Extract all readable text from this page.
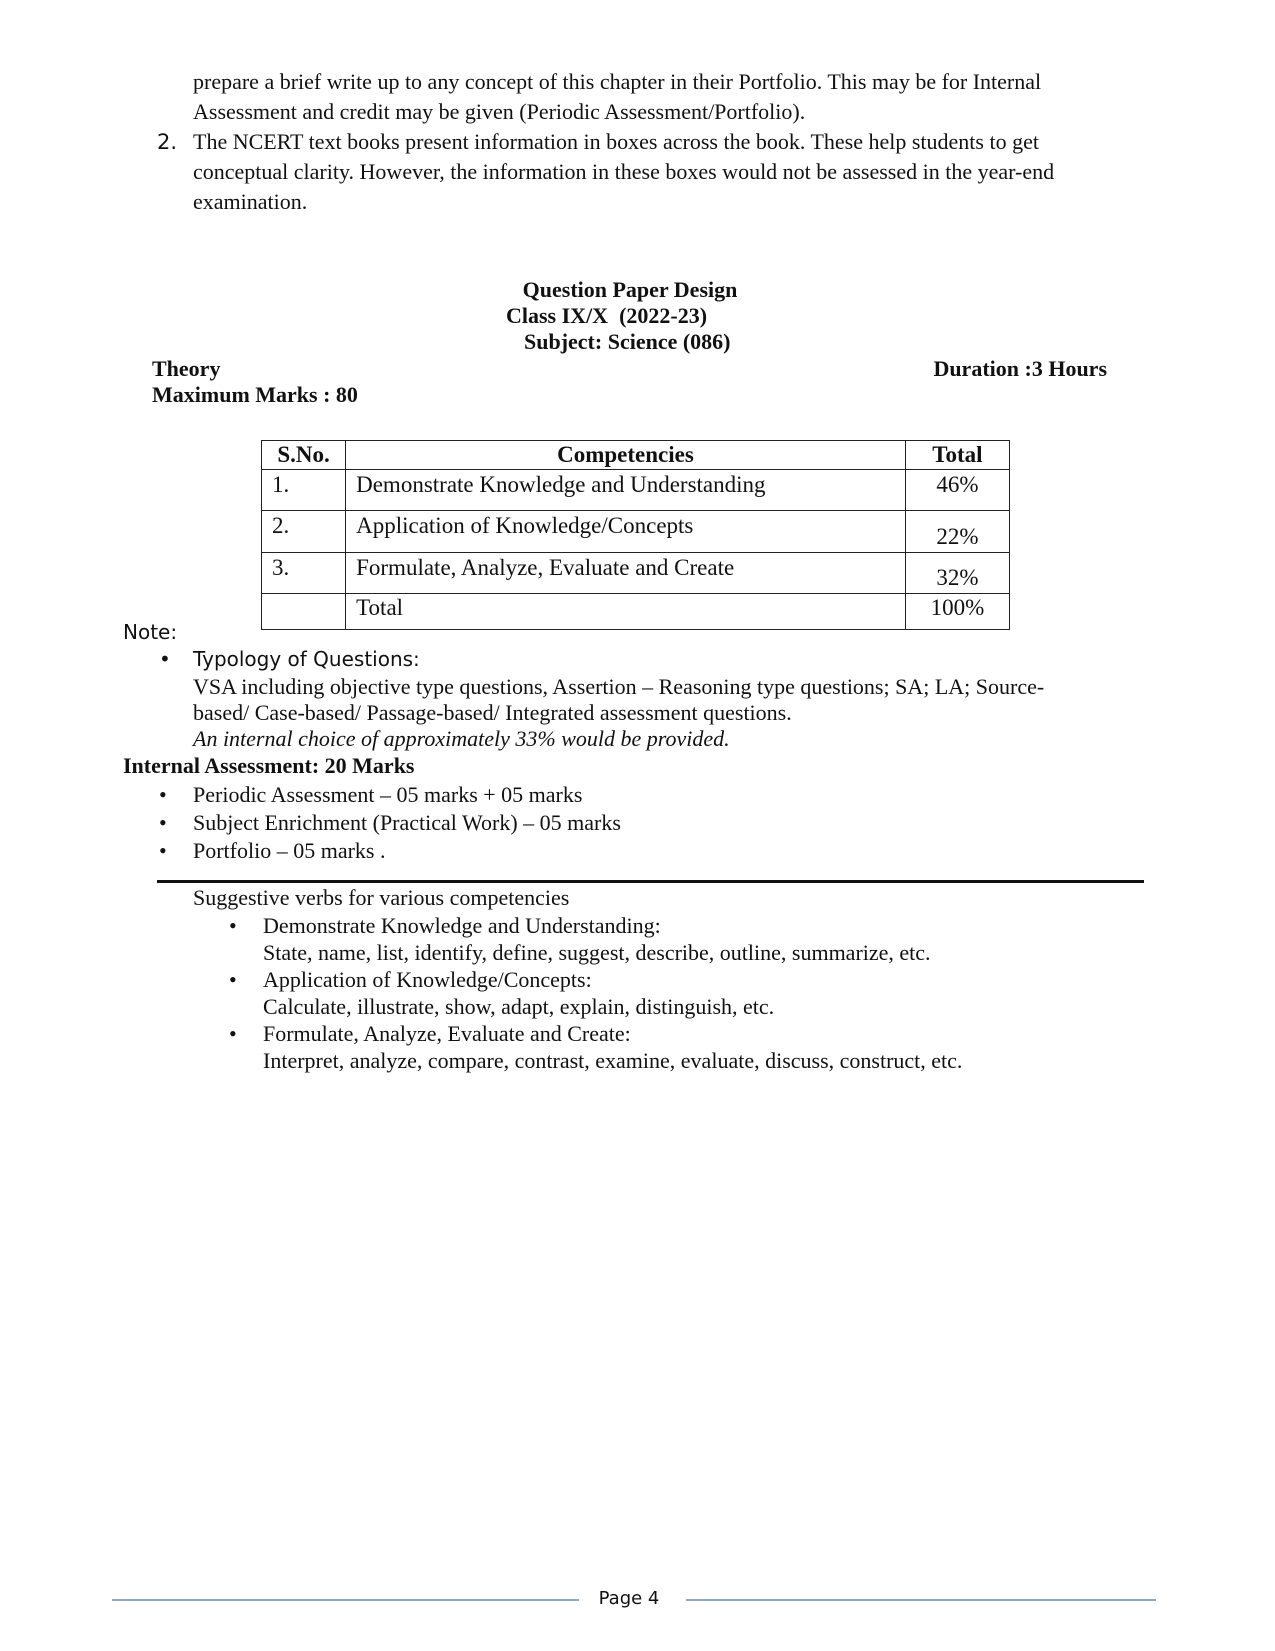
prepare a brief write up to any concept of this chapter in their Portfolio. This may be for Internal
Assessment and credit may be given (Periodic Assessment/Portfolio).
2. The NCERT text books present information in boxes across the book. These help students to get
conceptual clarity. However, the information in these boxes would not be assessed in the year-end
examination.
Question Paper Design
Class IX/X  (2022-23)
Subject: Science (086)
Theory	Duration :3 Hours
Maximum Marks : 80
S.No.	Competencies	Total
1.	Demonstrate Knowledge and Understanding	46%
2.	Application of Knowledge/Concepts	22%
3.	Formulate, Analyze, Evaluate and Create	32%
	Total	100%
Note:
• Typology of Questions:
VSA including objective type questions, Assertion – Reasoning type questions; SA; LA; Source-
based/ Case-based/ Passage-based/ Integrated assessment questions.
An internal choice of approximately 33% would be provided.
Internal Assessment: 20 Marks
• Periodic Assessment – 05 marks + 05 marks
• Subject Enrichment (Practical Work) – 05 marks
• Portfolio – 05 marks .
Suggestive verbs for various competencies
• Demonstrate Knowledge and Understanding:
State, name, list, identify, define, suggest, describe, outline, summarize, etc.
• Application of Knowledge/Concepts:
Calculate, illustrate, show, adapt, explain, distinguish, etc.
• Formulate, Analyze, Evaluate and Create:
Interpret, analyze, compare, contrast, examine, evaluate, discuss, construct, etc.
Page 4
